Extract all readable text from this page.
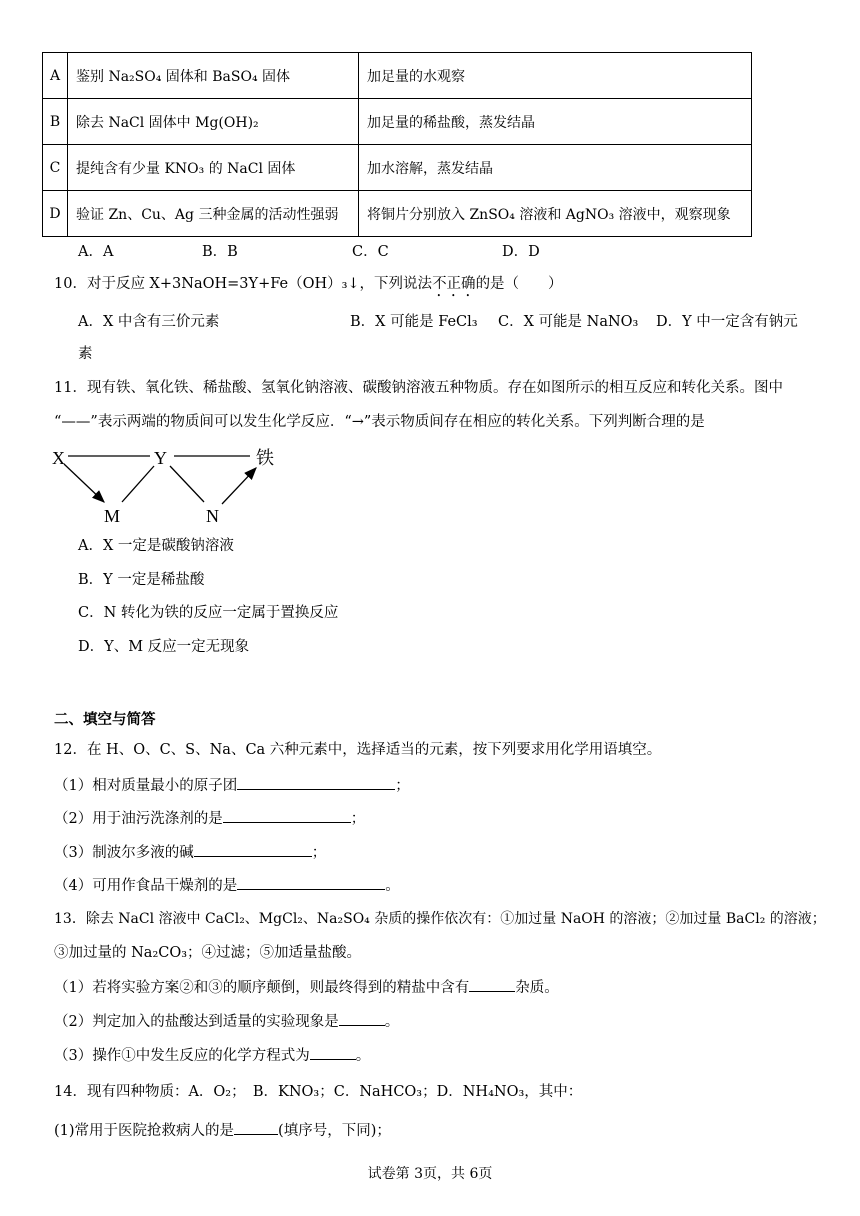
A	鉴别 Na₂SO₄ 固体和 BaSO₄ 固体	加足量的水观察
B	除去 NaCl 固体中 Mg(OH)₂	加足量的稀盐酸，蒸发结晶
C	提纯含有少量 KNO₃ 的 NaCl 固体	加水溶解，蒸发结晶
D	验证 Zn、Cu、Ag 三种金属的活动性强弱	将铜片分别放入 ZnSO₄ 溶液和 AgNO₃ 溶液中，观察现象
A．A	B．B	C．C	D．D
10．对于反应 X+3NaOH=3Y+Fe（OH）₃↓，下列说法不正确的是（　　）
A．X 中含有三价元素	B．X 可能是 FeCl₃ C．X 可能是 NaNO₃ D．Y 中一定含有钠元
素
11．现有铁、氧化铁、稀盐酸、氢氧化钠溶液、碳酸钠溶液五种物质。存在如图所示的相互反应和转化关系。图中
“——”表示两端的物质间可以发生化学反应．“→”表示物质间存在相应的转化关系。下列判断合理的是
X	Y	铁
M	N
A．X 一定是碳酸钠溶液
B．Y 一定是稀盐酸
C．N 转化为铁的反应一定属于置换反应
D．Y、M 反应一定无现象
二、填空与简答
12．在 H、O、C、S、Na、Ca 六种元素中，选择适当的元素，按下列要求用化学用语填空。
（1）相对质量最小的原子团	；
（2）用于油污洗涤剂的是	；
（3）制波尔多液的碱	；
（4）可用作食品干燥剂的是	。
13．除去 NaCl 溶液中 CaCl₂、MgCl₂、Na₂SO₄ 杂质的操作依次有：①加过量 NaOH 的溶液；②加过量 BaCl₂ 的溶液；
③加过量的 Na₂CO₃；④过滤；⑤加适量盐酸。
（1）若将实验方案②和③的顺序颠倒，则最终得到的精盐中含有	杂质。
（2）判定加入的盐酸达到适量的实验现象是	。
（3）操作①中发生反应的化学方程式为	。
14．现有四种物质：A．O₂；　B．KNO₃；C．NaHCO₃；D．NH₄NO₃，其中：
(1)常用于医院抢救病人的是	(填序号，下同)；
试卷第 3页，共 6页
